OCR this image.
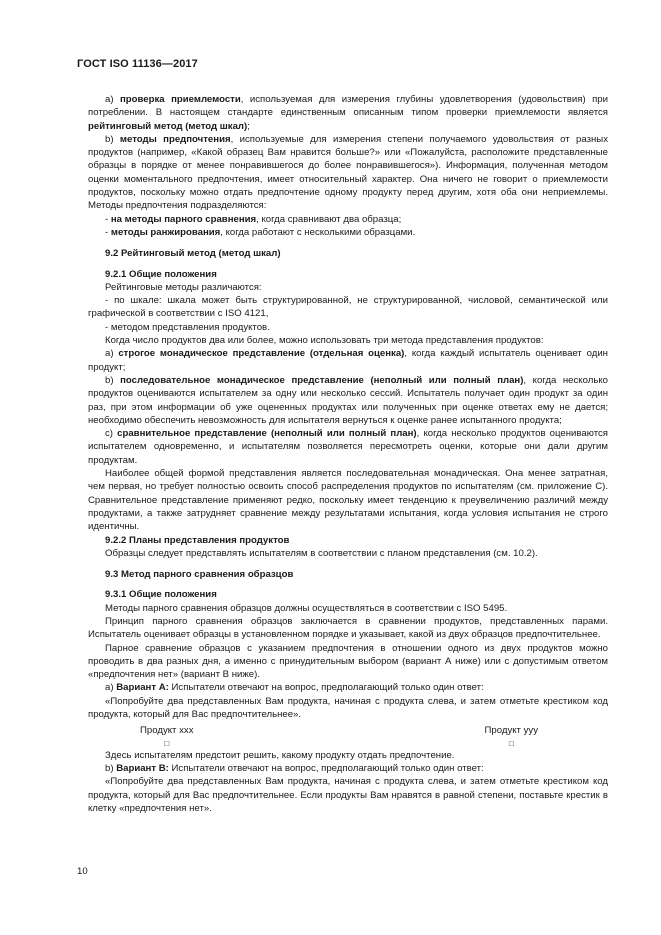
ГОСТ ISO 11136—2017

а) проверка приемлемости, используемая для измерения глубины удовлетворения (удовольствия) при потреблении. В настоящем стандарте единственным описанным типом проверки приемлемости является рейтинговый метод (метод шкал);

b) методы предпочтения, используемые для измерения степени получаемого удовольствия от разных продуктов (например, «Какой образец Вам нравится больше?» или «Пожалуйста, расположите представленные образцы в порядке от менее понравившегося до более понравившегося»). Информация, полученная методом оценки моментального предпочтения, имеет относительный характер. Она ничего не говорит о приемлемости продуктов, поскольку можно отдать предпочтение одному продукту перед другим, хотя оба они неприемлемы. Методы предпочтения подразделяются:

- на методы парного сравнения, когда сравнивают два образца;

- методы ранжирования, когда работают с несколькими образцами.

9.2 Рейтинговый метод (метод шкал)

9.2.1 Общие положения

Рейтинговые методы различаются:

- по шкале: шкала может быть структурированной, не структурированной, числовой, семантической или графической в соответствии с ISO 4121,

- методом представления продуктов.

Когда число продуктов два или более, можно использовать три метода представления продуктов:

а) строгое монадическое представление (отдельная оценка), когда каждый испытатель оценивает один продукт;

b) последовательное монадическое представление (неполный или полный план), когда несколько продуктов оцениваются испытателем за одну или несколько сессий. Испытатель получает один продукт за один раз, при этом информации об уже оцененных продуктах или полученных при оценке ответах ему не дается; необходимо обеспечить невозможность для испытателя вернуться к оценке ранее испытанного продукта;

с) сравнительное представление (неполный или полный план), когда несколько продуктов оцениваются испытателем одновременно, и испытателям позволяется пересмотреть оценки, которые они дали другим продуктам.

Наиболее общей формой представления является последовательная монадическая. Она менее затратная, чем первая, но требует полностью освоить способ распределения продуктов по испытателям (см. приложение С). Сравнительное представление применяют редко, поскольку имеет тенденцию к преувеличению различий между продуктами, а также затрудняет сравнение между результатами испытания, когда условия испытания не строго идентичны.

9.2.2 Планы представления продуктов

Образцы следует представлять испытателям в соответствии с планом представления (см. 10.2).

9.3 Метод парного сравнения образцов

9.3.1 Общие положения

Методы парного сравнения образцов должны осуществляться в соответствии с ISO 5495.

Принцип парного сравнения образцов заключается в сравнении продуктов, представленных парами. Испытатель оценивает образцы в установленном порядке и указывает, какой из двух образцов предпочтительнее.

Парное сравнение образцов с указанием предпочтения в отношении одного из двух продуктов можно проводить в два разных дня, а именно с принудительным выбором (вариант А ниже) или с допустимым ответом «предпочтения нет» (вариант В ниже).

а) Вариант А: Испытатели отвечают на вопрос, предполагающий только один ответ:

«Попробуйте два представленных Вам продукта, начиная с продукта слева, и затем отметьте крестиком код продукта, который для Вас предпочтительнее».

Продукт ххх
□
Продукт ууу
□

Здесь испытателям предстоит решить, какому продукту отдать предпочтение.

b) Вариант В: Испытатели отвечают на вопрос, предполагающий только один ответ:

«Попробуйте два представленных Вам продукта, начиная с продукта слева, и затем отметьте крестиком код продукта, который для Вас предпочтительнее. Если продукты Вам нравятся в равной степени, поставьте крестик в клетку «предпочтения нет».

10
